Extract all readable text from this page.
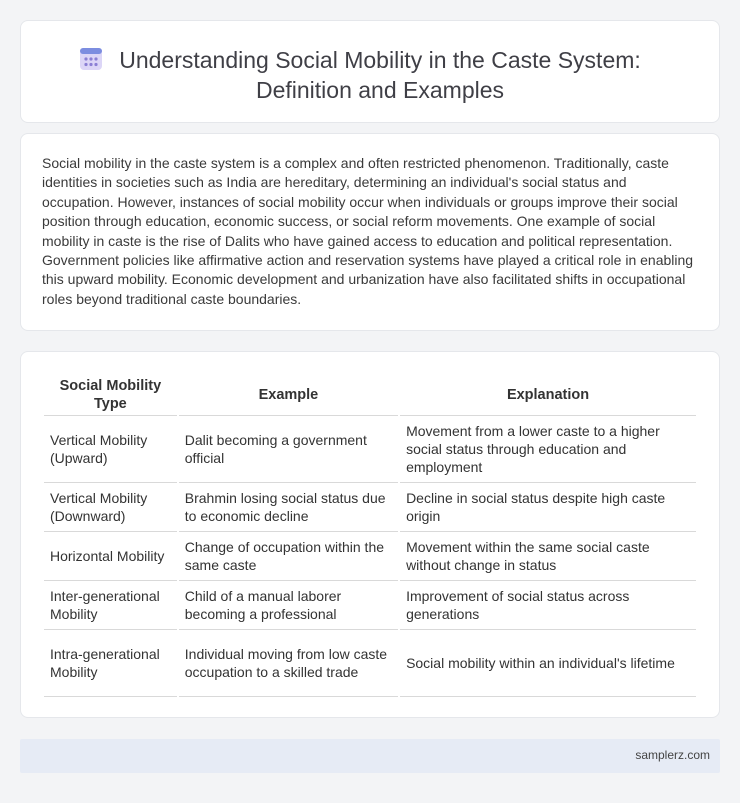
Understanding Social Mobility in the Caste System: Definition and Examples

Social mobility in the caste system is a complex and often restricted phenomenon. Traditionally, caste identities in societies such as India are hereditary, determining an individual's social status and occupation. However, instances of social mobility occur when individuals or groups improve their social position through education, economic success, or social reform movements. One example of social mobility in caste is the rise of Dalits who have gained access to education and political representation. Government policies like affirmative action and reservation systems have played a critical role in enabling this upward mobility. Economic development and urbanization have also facilitated shifts in occupational roles beyond traditional caste boundaries.

Social Mobility Type	Example	Explanation
Vertical Mobility (Upward)	Dalit becoming a government official	Movement from a lower caste to a higher social status through education and employment
Vertical Mobility (Downward)	Brahmin losing social status due to economic decline	Decline in social status despite high caste origin
Horizontal Mobility	Change of occupation within the same caste	Movement within the same social caste without change in status
Inter-generational Mobility	Child of a manual laborer becoming a professional	Improvement of social status across generations
Intra-generational Mobility	Individual moving from low caste occupation to a skilled trade	Social mobility within an individual's lifetime
samplerz.com
